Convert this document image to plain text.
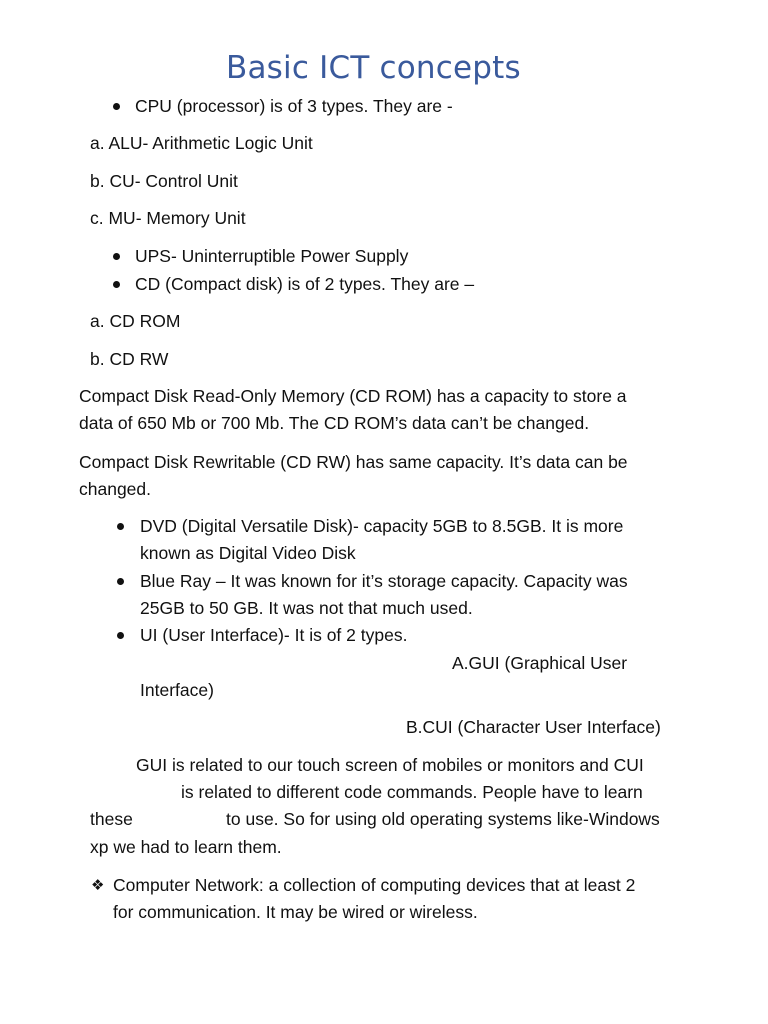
Basic ICT concepts
CPU (processor) is of 3 types. They are -
a. ALU- Arithmetic Logic Unit
b. CU- Control Unit
c. MU- Memory Unit
UPS- Uninterruptible Power Supply
CD (Compact disk) is of 2 types. They are –
a. CD ROM
b. CD RW
Compact Disk Read-Only Memory (CD ROM) has a capacity to store a
data of 650 Mb or 700 Mb. The CD ROM’s data can’t be changed.
Compact Disk Rewritable (CD RW) has same capacity. It’s data can be
changed.
DVD (Digital Versatile Disk)- capacity 5GB to 8.5GB. It is more
known as Digital Video Disk
Blue Ray – It was known for it’s storage capacity. Capacity was
25GB to 50 GB. It was not that much used.
UI (User Interface)- It is of 2 types.
A.GUI (Graphical User
Interface)
B.CUI (Character User Interface)
GUI is related to our touch screen of mobiles or monitors and CUI
is related to different code commands. People have to learn
these	to use. So for using old operating systems like-Windows
xp we had to learn them.
❖ Computer Network: a collection of computing devices that at least 2
for communication. It may be wired or wireless.
